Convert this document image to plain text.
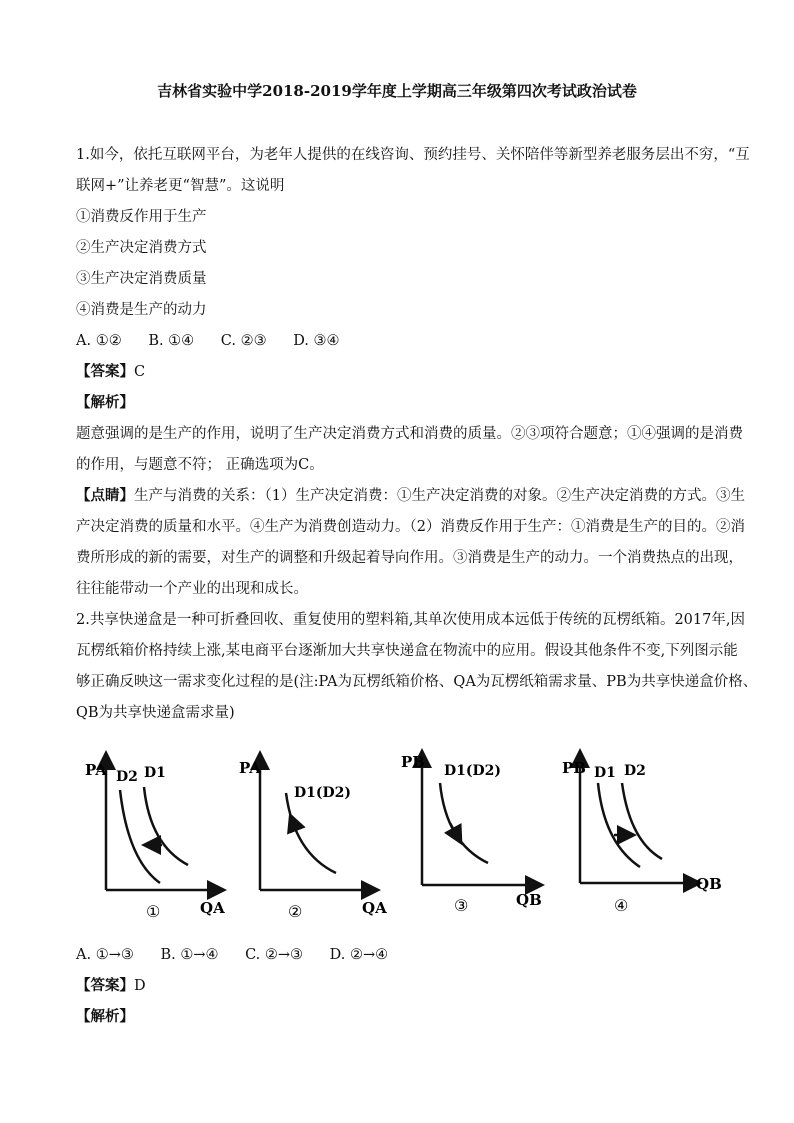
吉林省实验中学2018-2019学年度上学期高三年级第四次考试政治试卷
1.如今，依托互联网平台，为老年人提供的在线咨询、预约挂号、关怀陪伴等新型养老服务层出不穷，“互
联网+”让养老更“智慧”。这说明
①消费反作用于生产
②生产决定消费方式
③生产决定消费质量
④消费是生产的动力
A. ①② B. ①④ C. ②③ D. ③④
【答案】C
【解析】
题意强调的是生产的作用，说明了生产决定消费方式和消费的质量。②③项符合题意；①④强调的是消费
的作用，与题意不符； 正确选项为C。
【点睛】生产与消费的关系：（1）生产决定消费：①生产决定消费的对象。②生产决定消费的方式。③生
产决定消费的质量和水平。④生产为消费创造动力。（2）消费反作用于生产：①消费是生产的目的。②消
费所形成的新的需要，对生产的调整和升级起着导向作用。③消费是生产的动力。一个消费热点的出现，
往往能带动一个产业的出现和成长。
2.共享快递盒是一种可折叠回收、重复使用的塑料箱,其单次使用成本远低于传统的瓦楞纸箱。2017年,因
瓦楞纸箱价格持续上涨,某电商平台逐渐加大共享快递盒在物流中的应用。假设其他条件不变,下列图示能
够正确反映这一需求变化过程的是(注:PA为瓦楞纸箱价格、QA为瓦楞纸箱需求量、PB为共享快递盒价格、
QB为共享快递盒需求量)
PA
QA
D2 D1
①
PA
QA
D1(D2)
②
PB
QB
D1(D2)
③
PB
QB
D1 D2
④
A. ①→③ B. ①→④ C. ②→③ D. ②→④
【答案】D
【解析】
